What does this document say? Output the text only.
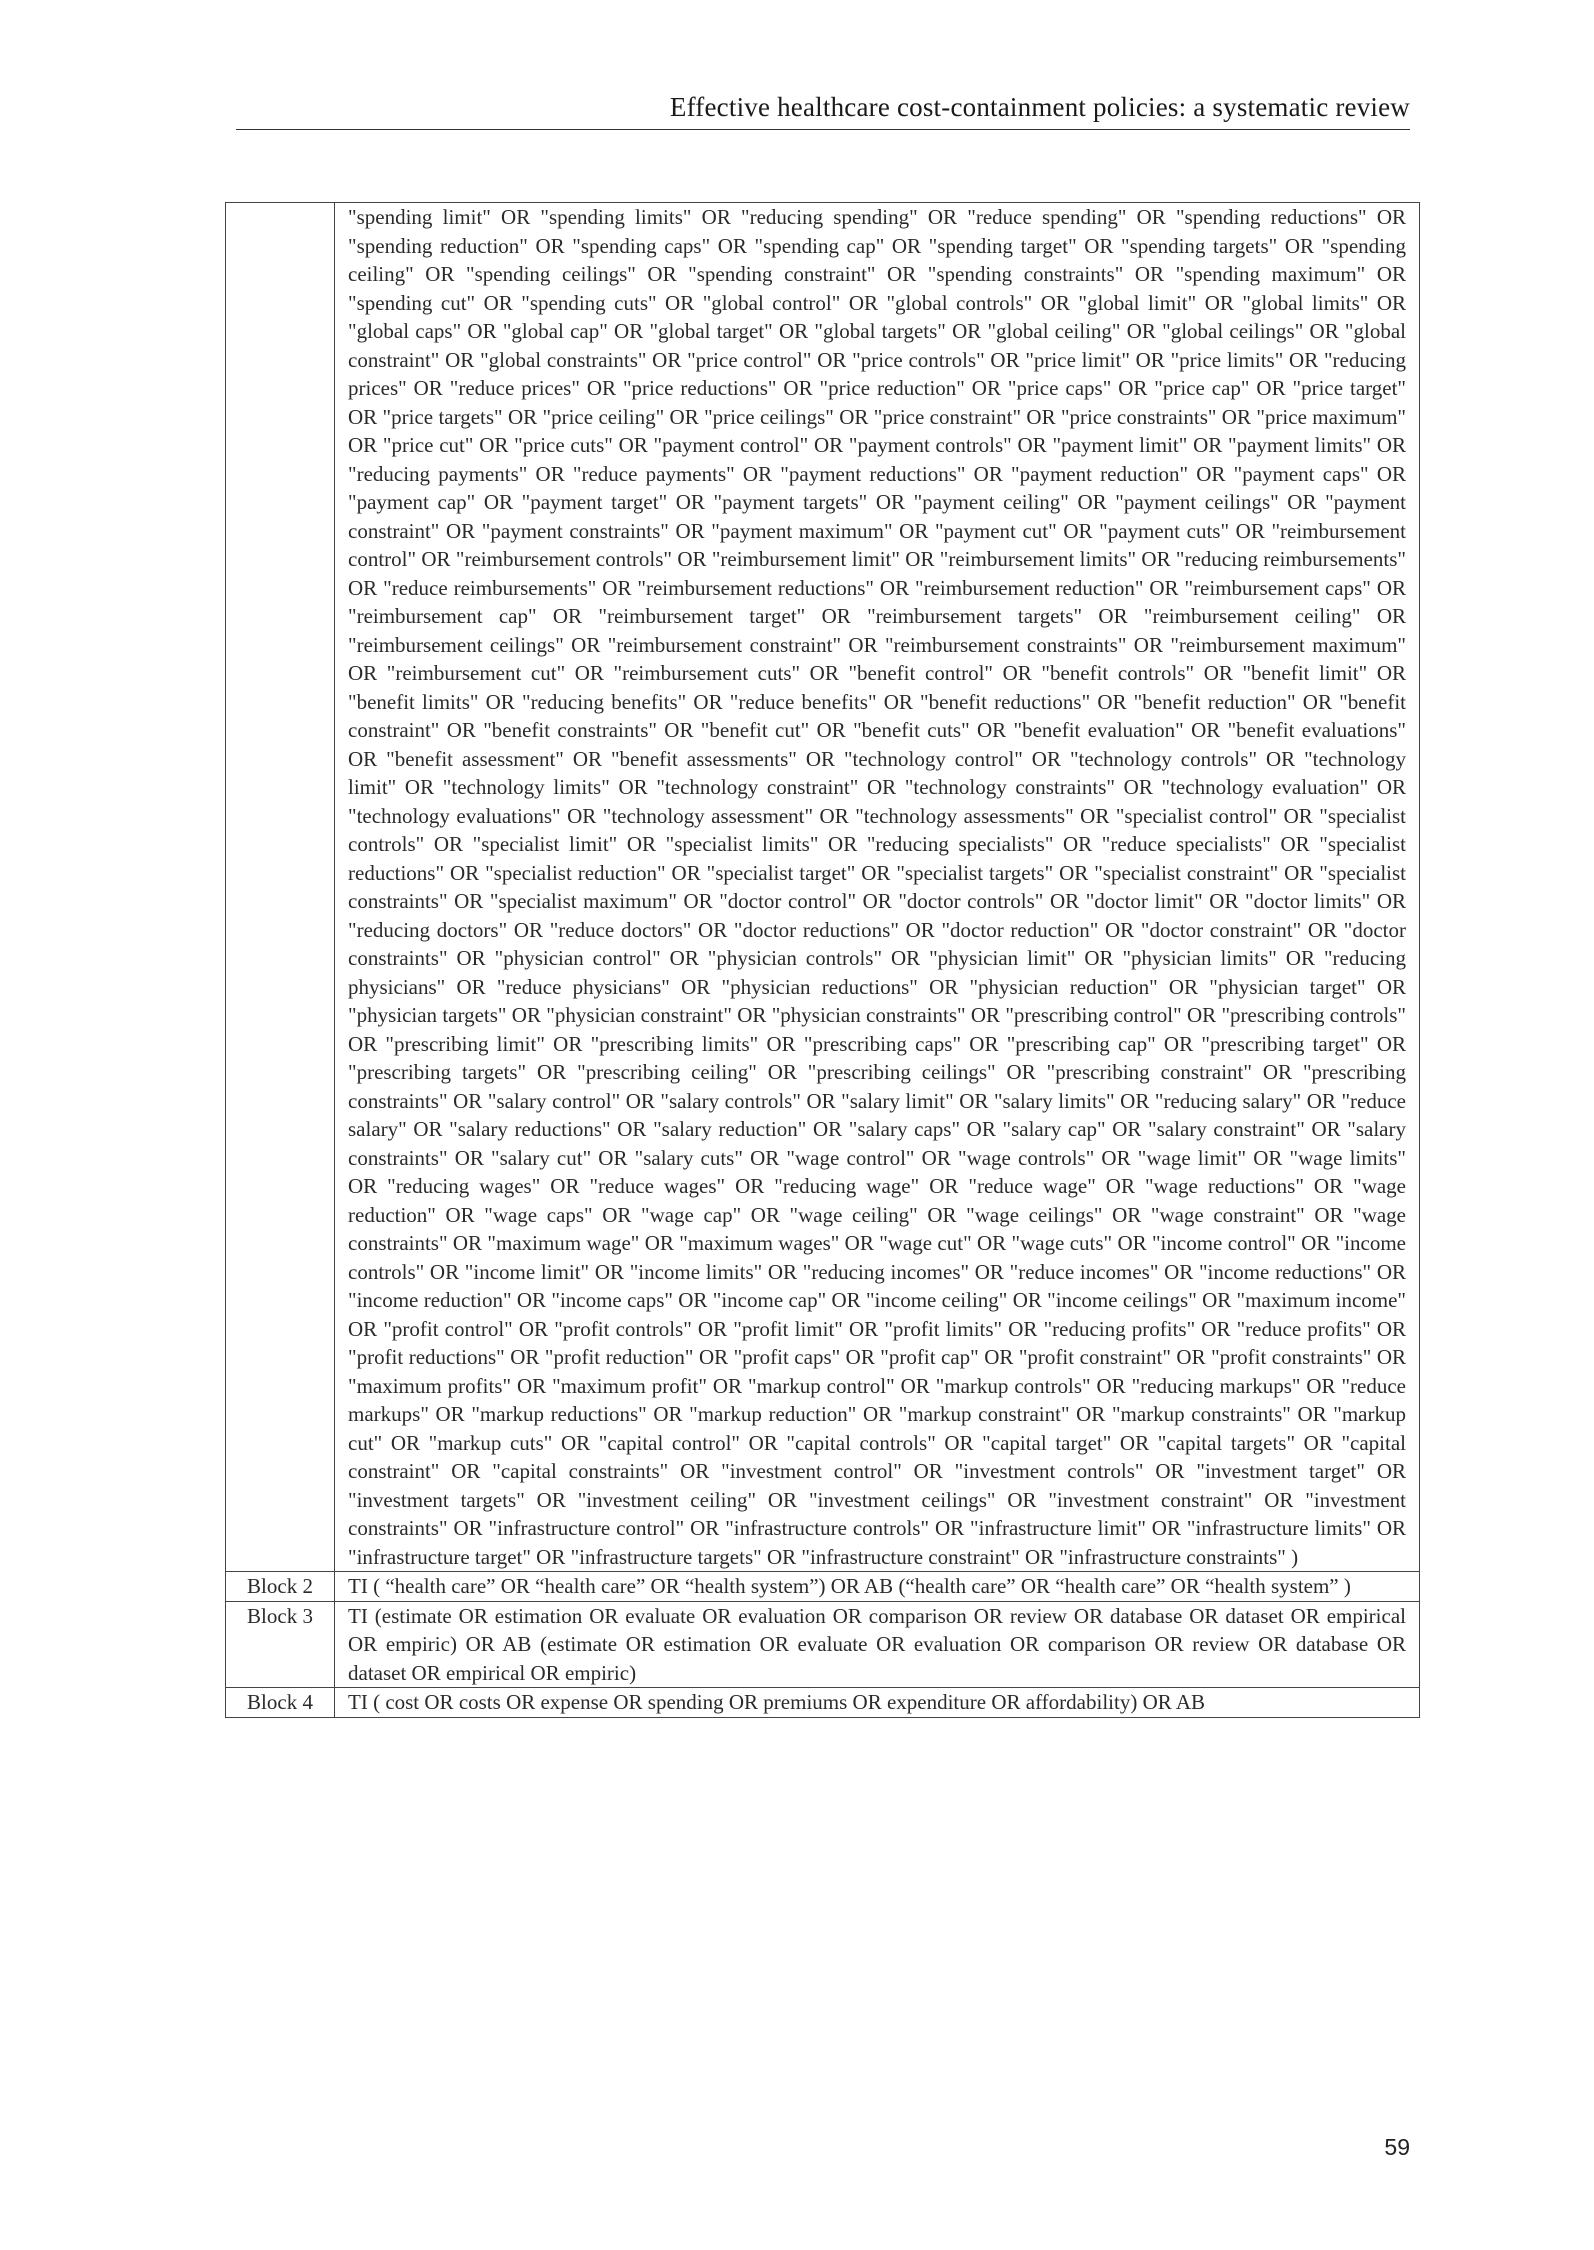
Effective healthcare cost-containment policies: a systematic review
	"spending limit" OR "spending limits" OR "reducing spending" OR "reduce spending" OR "spending reductions" OR "spending reduction" OR "spending caps" OR "spending cap" OR "spending target" OR "spending targets" OR "spending ceiling" OR "spending ceilings" OR "spending constraint" OR "spending constraints" OR "spending maximum" OR "spending cut" OR "spending cuts" OR "global control" OR "global controls" OR "global limit" OR "global limits" OR "global caps" OR "global cap" OR "global target" OR "global targets" OR "global ceiling" OR "global ceilings" OR "global constraint" OR "global constraints" OR "price control" OR "price controls" OR "price limit" OR "price limits" OR "reducing prices" OR "reduce prices" OR "price reductions" OR "price reduction" OR "price caps" OR "price cap" OR "price target" OR "price targets" OR "price ceiling" OR "price ceilings" OR "price constraint" OR "price constraints" OR "price maximum" OR "price cut" OR "price cuts" OR "payment control" OR "payment controls" OR "payment limit" OR "payment limits" OR "reducing payments" OR "reduce payments" OR "payment reductions" OR "payment reduction" OR "payment caps" OR "payment cap" OR "payment target" OR "payment targets" OR "payment ceiling" OR "payment ceilings" OR "payment constraint" OR "payment constraints" OR "payment maximum" OR "payment cut" OR "payment cuts" OR "reimbursement control" OR "reimbursement controls" OR "reimbursement limit" OR "reimbursement limits" OR "reducing reimbursements" OR "reduce reimbursements" OR "reimbursement reductions" OR "reimbursement reduction" OR "reimbursement caps" OR "reimbursement cap" OR "reimbursement target" OR "reimbursement targets" OR "reimbursement ceiling" OR "reimbursement ceilings" OR "reimbursement constraint" OR "reimbursement constraints" OR "reimbursement maximum" OR "reimbursement cut" OR "reimbursement cuts" OR "benefit control" OR "benefit controls" OR "benefit limit" OR "benefit limits" OR "reducing benefits" OR "reduce benefits" OR "benefit reductions" OR "benefit reduction" OR "benefit constraint" OR "benefit constraints" OR "benefit cut" OR "benefit cuts" OR "benefit evaluation" OR "benefit evaluations" OR "benefit assessment" OR "benefit assessments" OR "technology control" OR "technology controls" OR "technology limit" OR "technology limits" OR "technology constraint" OR "technology constraints" OR "technology evaluation" OR "technology evaluations" OR "technology assessment" OR "technology assessments" OR "specialist control" OR "specialist controls" OR "specialist limit" OR "specialist limits" OR "reducing specialists" OR "reduce specialists" OR "specialist reductions" OR "specialist reduction" OR "specialist target" OR "specialist targets" OR "specialist constraint" OR "specialist constraints" OR "specialist maximum" OR "doctor control" OR "doctor controls" OR "doctor limit" OR "doctor limits" OR "reducing doctors" OR "reduce doctors" OR "doctor reductions" OR "doctor reduction" OR "doctor constraint" OR "doctor constraints" OR "physician control" OR "physician controls" OR "physician limit" OR "physician limits" OR "reducing physicians" OR "reduce physicians" OR "physician reductions" OR "physician reduction" OR "physician target" OR "physician targets" OR "physician constraint" OR "physician constraints" OR "prescribing control" OR "prescribing controls" OR "prescribing limit" OR "prescribing limits" OR "prescribing caps" OR "prescribing cap" OR "prescribing target" OR "prescribing targets" OR "prescribing ceiling" OR "prescribing ceilings" OR "prescribing constraint" OR "prescribing constraints" OR "salary control" OR "salary controls" OR "salary limit" OR "salary limits" OR "reducing salary" OR "reduce salary" OR "salary reductions" OR "salary reduction" OR "salary caps" OR "salary cap" OR "salary constraint" OR "salary constraints" OR "salary cut" OR "salary cuts" OR "wage control" OR "wage controls" OR "wage limit" OR "wage limits" OR "reducing wages" OR "reduce wages" OR "reducing wage" OR "reduce wage" OR "wage reductions" OR "wage reduction" OR "wage caps" OR "wage cap" OR "wage ceiling" OR "wage ceilings" OR "wage constraint" OR "wage constraints" OR "maximum wage" OR "maximum wages" OR "wage cut" OR "wage cuts" OR "income control" OR "income controls" OR "income limit" OR "income limits" OR "reducing incomes" OR "reduce incomes" OR "income reductions" OR "income reduction" OR "income caps" OR "income cap" OR "income ceiling" OR "income ceilings" OR "maximum income" OR "profit control" OR "profit controls" OR "profit limit" OR "profit limits" OR "reducing profits" OR "reduce profits" OR "profit reductions" OR "profit reduction" OR "profit caps" OR "profit cap" OR "profit constraint" OR "profit constraints" OR "maximum profits" OR "maximum profit" OR "markup control" OR "markup controls" OR "reducing markups" OR "reduce markups" OR "markup reductions" OR "markup reduction" OR "markup constraint" OR "markup constraints" OR "markup cut" OR "markup cuts" OR "capital control" OR "capital controls" OR "capital target" OR "capital targets" OR "capital constraint" OR "capital constraints" OR "investment control" OR "investment controls" OR "investment target" OR "investment targets" OR "investment ceiling" OR "investment ceilings" OR "investment constraint" OR "investment constraints" OR "infrastructure control" OR "infrastructure controls" OR "infrastructure limit" OR "infrastructure limits" OR "infrastructure target" OR "infrastructure targets" OR "infrastructure constraint" OR "infrastructure constraints" )
Block 2	TI ( “health care” OR “health care” OR “health system”) OR AB (“health care” OR “health care” OR “health system” )
Block 3	TI (estimate OR estimation OR evaluate OR evaluation OR comparison OR review OR database OR dataset OR empirical OR empiric) OR AB (estimate OR estimation OR evaluate OR evaluation OR comparison OR review OR database OR dataset OR empirical OR empiric)
Block 4	TI ( cost OR costs OR expense OR spending OR premiums OR expenditure OR affordability) OR AB
59
